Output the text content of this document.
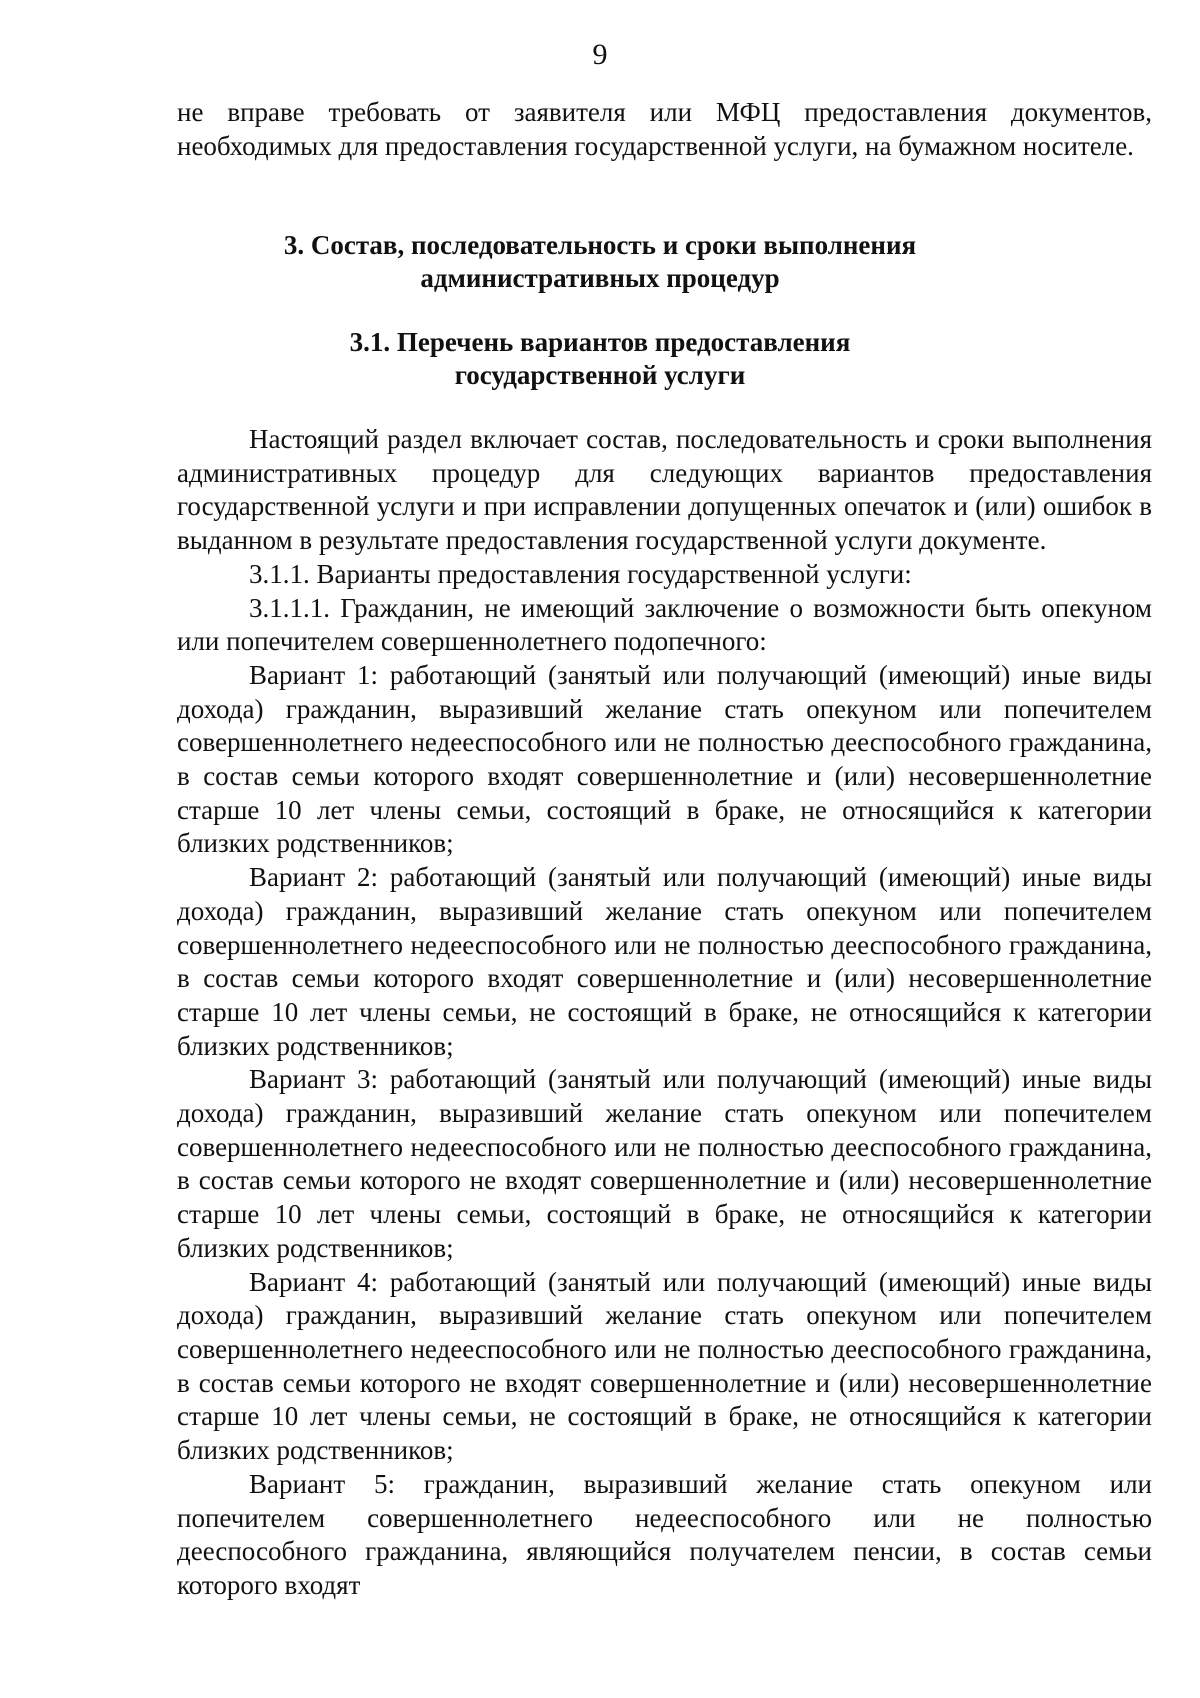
9

не вправе требовать от заявителя или МФЦ предоставления документов, необходимых для предоставления государственной услуги, на бумажном носителе.

3. Состав, последовательность и сроки выполнения
административных процедур
3.1. Перечень вариантов предоставления
государственной услуги

Настоящий раздел включает состав, последовательность и сроки выполнения административных процедур для следующих вариантов предоставления государственной услуги и при исправлении допущенных опечаток и (или) ошибок в выданном в результате предоставления государственной услуги документе.

3.1.1. Варианты предоставления государственной услуги:

3.1.1.1. Гражданин, не имеющий заключение о возможности быть опекуном или попечителем совершеннолетнего подопечного:

Вариант 1: работающий (занятый или получающий (имеющий) иные виды дохода) гражданин, выразивший желание стать опекуном или попечителем совершеннолетнего недееспособного или не полностью дееспособного гражданина, в состав семьи которого входят совершеннолетние и (или) несовершеннолетние старше 10 лет члены семьи, состоящий в браке, не относящийся к категории близких родственников;

Вариант 2: работающий (занятый или получающий (имеющий) иные виды дохода) гражданин, выразивший желание стать опекуном или попечителем совершеннолетнего недееспособного или не полностью дееспособного гражданина, в состав семьи которого входят совершеннолетние и (или) несовершеннолетние старше 10 лет члены семьи, не состоящий в браке, не относящийся к категории близких родственников;

Вариант 3: работающий (занятый или получающий (имеющий) иные виды дохода) гражданин, выразивший желание стать опекуном или попечителем совершеннолетнего недееспособного или не полностью дееспособного гражданина, в состав семьи которого не входят совершеннолетние и (или) несовершеннолетние старше 10 лет члены семьи, состоящий в браке, не относящийся к категории близких родственников;

Вариант 4: работающий (занятый или получающий (имеющий) иные виды дохода) гражданин, выразивший желание стать опекуном или попечителем совершеннолетнего недееспособного или не полностью дееспособного гражданина, в состав семьи которого не входят совершеннолетние и (или) несовершеннолетние старше 10 лет члены семьи, не состоящий в браке, не относящийся к категории близких родственников;

Вариант 5: гражданин, выразивший желание стать опекуном или попечителем совершеннолетнего недееспособного или не полностью дееспособного гражданина, являющийся получателем пенсии, в состав семьи которого входят
